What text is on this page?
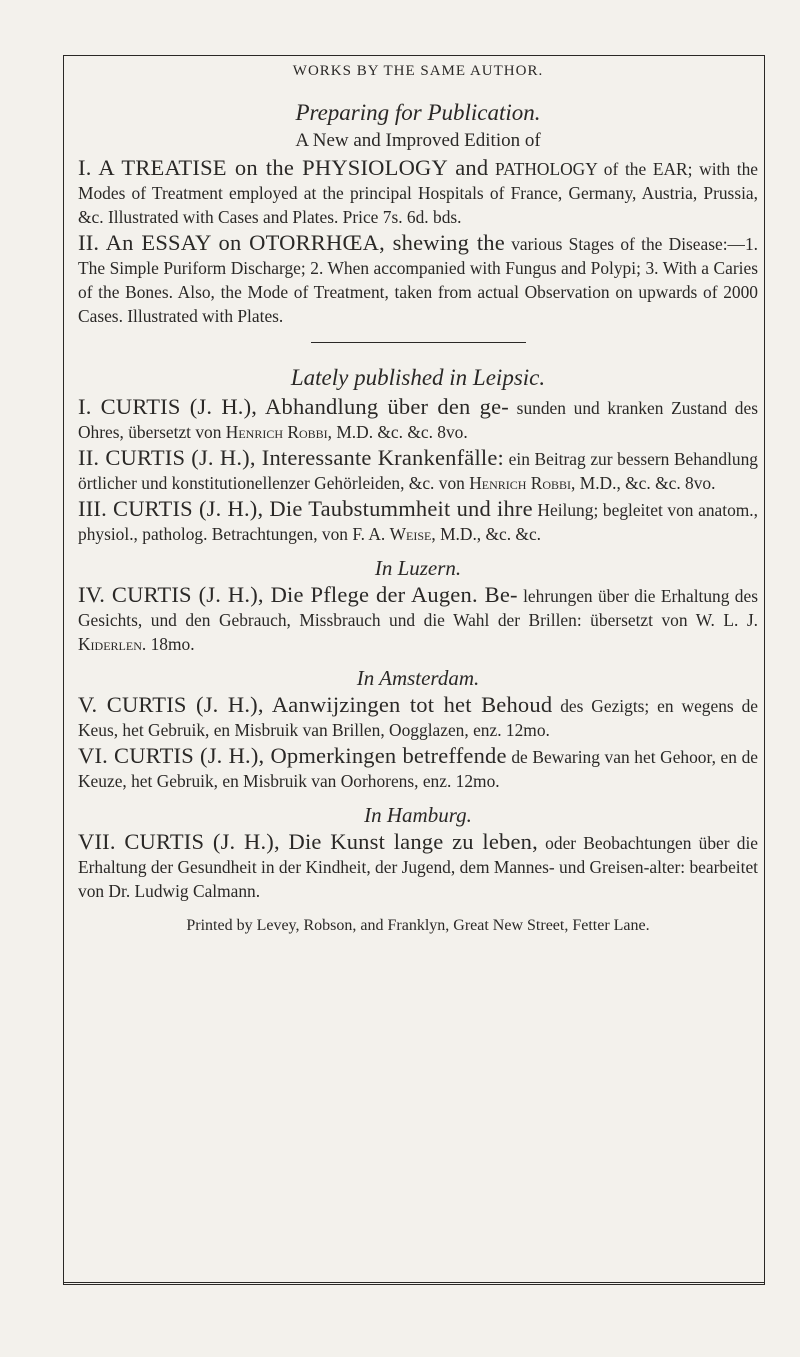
WORKS BY THE SAME AUTHOR.
Preparing for Publication.
A New and Improved Edition of

I. A TREATISE on the PHYSIOLOGY and PATHOLOGY of the EAR; with the Modes of Treatment employed at the principal Hospitals of France, Germany, Austria, Prussia, &c. Illustrated with Cases and Plates. Price 7s. 6d. bds.

II. An ESSAY on OTORRHŒA, shewing the various Stages of the Disease:—1. The Simple Puriform Discharge; 2. When accompanied with Fungus and Polypi; 3. With a Caries of the Bones. Also, the Mode of Treatment, taken from actual Observation on upwards of 2000 Cases. Illustrated with Plates.

Lately published in Leipsic.

I. CURTIS (J. H.), Abhandlung über den ge- sunden und kranken Zustand des Ohres, übersetzt von Henrich Robbi, M.D. &c. &c. 8vo.

II. CURTIS (J. H.), Interessante Krankenfälle: ein Beitrag zur bessern Behandlung örtlicher und konstitutionellenzer Gehörleiden, &c. von Henrich Robbi, M.D., &c. &c. 8vo.

III. CURTIS (J. H.), Die Taubstummheit und ihre Heilung; begleitet von anatom., physiol., patholog. Betrachtungen, von F. A. Weise, M.D., &c. &c.

In Luzern.

IV. CURTIS (J. H.), Die Pflege der Augen. Be- lehrungen über die Erhaltung des Gesichts, und den Gebrauch, Missbrauch und die Wahl der Brillen: übersetzt von W. L. J. Kiderlen. 18mo.

In Amsterdam.

V. CURTIS (J. H.), Aanwijzingen tot het Behoud des Gezigts; en wegens de Keus, het Gebruik, en Misbruik van Brillen, Oogglazen, enz. 12mo.

VI. CURTIS (J. H.), Opmerkingen betreffende de Bewaring van het Gehoor, en de Keuze, het Gebruik, en Misbruik van Oorhorens, enz. 12mo.

In Hamburg.

VII. CURTIS (J. H.), Die Kunst lange zu leben, oder Beobachtungen über die Erhaltung der Gesundheit in der Kindheit, der Jugend, dem Mannes- und Greisen-alter: bearbeitet von Dr. Ludwig Calmann.

Printed by Levey, Robson, and Franklyn, Great New Street, Fetter Lane.
